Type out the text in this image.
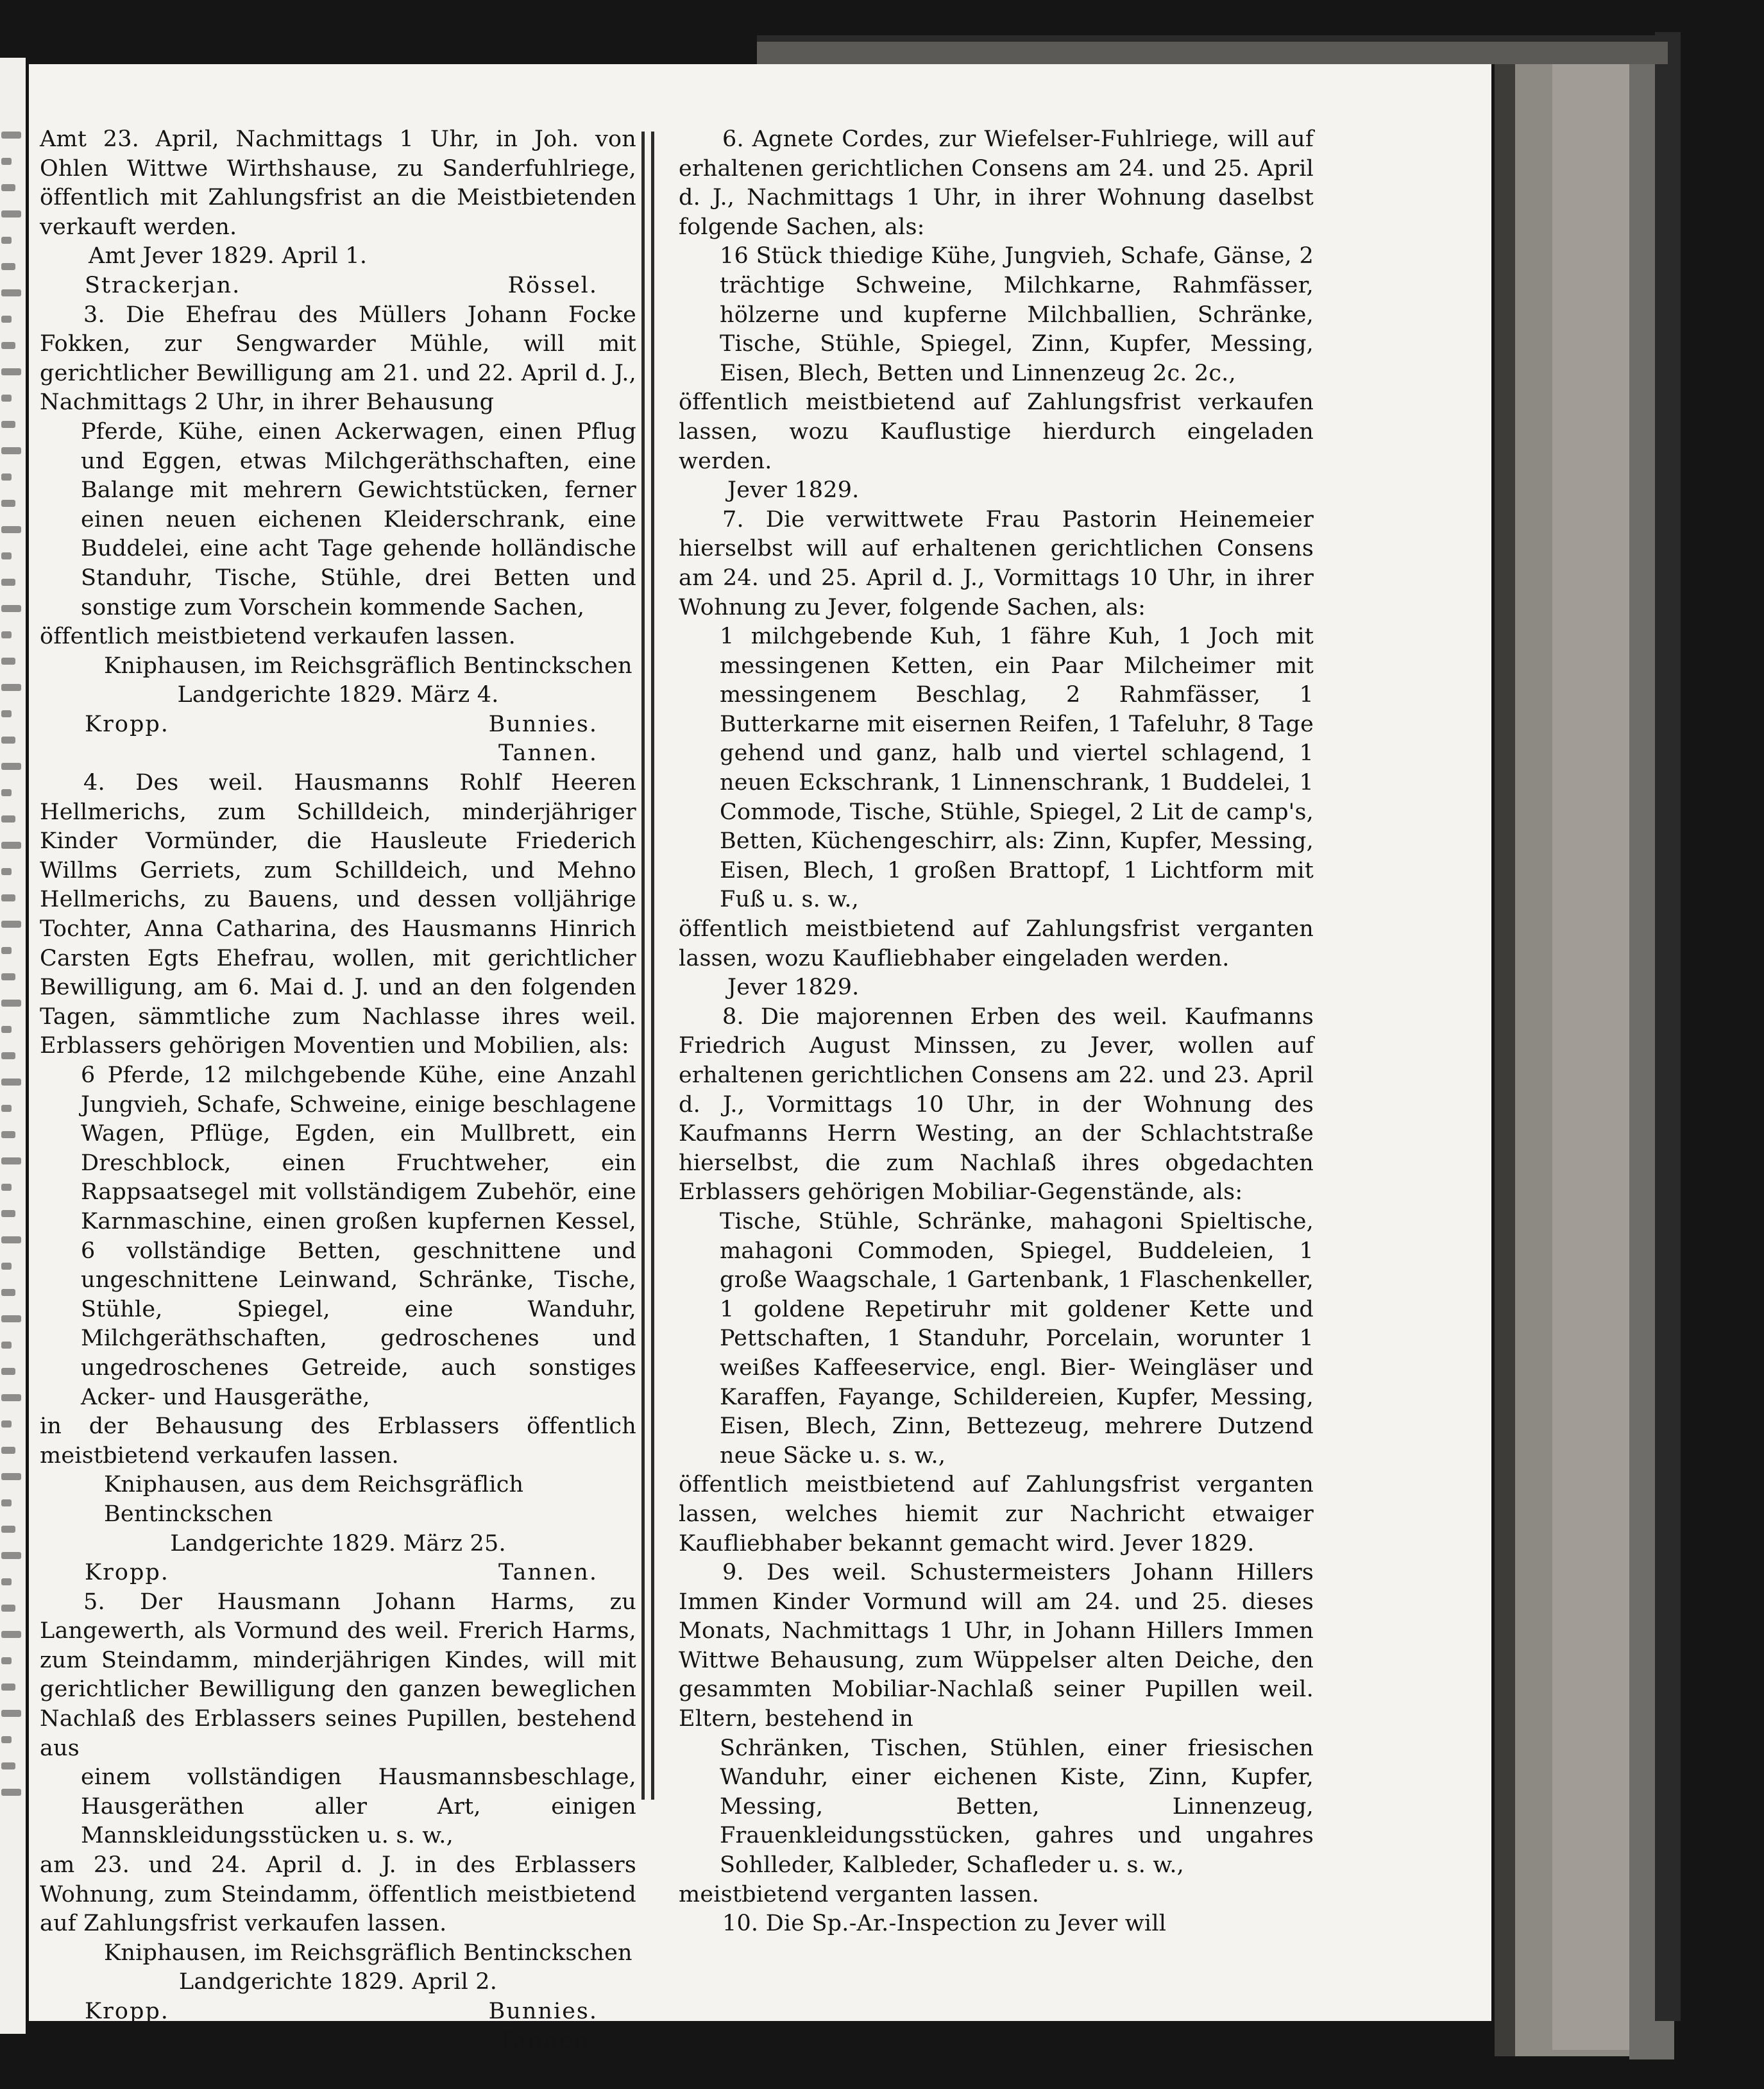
Amt 23. April, Nachmittags 1 Uhr, in Joh. von Ohlen Wittwe Wirthshause, zu Sanderfuhlriege, öffentlich mit Zahlungsfrist an die Meistbietenden verkauft werden.

Amt Jever 1829. April 1.

Strackerjan.	Rössel.

3. Die Ehefrau des Müllers Johann Focke Fokken, zur Sengwarder Mühle, will mit gerichtlicher Bewilligung am 21. und 22. April d. J., Nachmittags 2 Uhr, in ihrer Behausung

Pferde, Kühe, einen Ackerwagen, einen Pflug und Eggen, etwas Milchgeräthschaften, eine Balange mit mehrern Gewichtstücken, ferner einen neuen eichenen Kleiderschrank, eine Buddelei, eine acht Tage gehende holländische Standuhr, Tische, Stühle, drei Betten und sonstige zum Vorschein kommende Sachen,

öffentlich meistbietend verkaufen lassen.

Kniphausen, im Reichsgräflich Bentinckschen

Landgerichte 1829. März 4.

Kropp.	Bunnies.

Tannen.

4. Des weil. Hausmanns Rohlf Heeren Hellmerichs, zum Schilldeich, minderjähriger Kinder Vormünder, die Hausleute Friederich Willms Gerriets, zum Schilldeich, und Mehno Hellmerichs, zu Bauens, und dessen volljährige Tochter, Anna Catharina, des Hausmanns Hinrich Carsten Egts Ehefrau, wollen, mit gerichtlicher Bewilligung, am 6. Mai d. J. und an den folgenden Tagen, sämmtliche zum Nachlasse ihres weil. Erblassers gehörigen Moventien und Mobilien, als:

6 Pferde, 12 milchgebende Kühe, eine Anzahl Jungvieh, Schafe, Schweine, einige beschlagene Wagen, Pflüge, Egden, ein Mullbrett, ein Dreschblock, einen Fruchtweher, ein Rappsaatsegel mit vollständigem Zubehör, eine Karnmaschine, einen großen kupfernen Kessel, 6 vollständige Betten, geschnittene und ungeschnittene Leinwand, Schränke, Tische, Stühle, Spiegel, eine Wanduhr, Milchgeräthschaften, gedroschenes und ungedroschenes Getreide, auch sonstiges Acker- und Hausgeräthe,

in der Behausung des Erblassers öffentlich meistbietend verkaufen lassen.

Kniphausen, aus dem Reichsgräflich Bentinckschen

Landgerichte 1829. März 25.

Kropp.	Tannen.

5. Der Hausmann Johann Harms, zu Langewerth, als Vormund des weil. Frerich Harms, zum Steindamm, minderjährigen Kindes, will mit gerichtlicher Bewilligung den ganzen beweglichen Nachlaß des Erblassers seines Pupillen, bestehend aus

einem vollständigen Hausmannsbeschlage, Hausgeräthen aller Art, einigen Mannskleidungsstücken u. s. w.,

am 23. und 24. April d. J. in des Erblassers Wohnung, zum Steindamm, öffentlich meistbietend auf Zahlungsfrist verkaufen lassen.

Kniphausen, im Reichsgräflich Bentinckschen

Landgerichte 1829. April 2.

Kropp.	Bunnies.

Tannen.

6. Agnete Cordes, zur Wiefelser-Fuhlriege, will auf erhaltenen gerichtlichen Consens am 24. und 25. April d. J., Nachmittags 1 Uhr, in ihrer Wohnung daselbst folgende Sachen, als:

16 Stück thiedige Kühe, Jungvieh, Schafe, Gänse, 2 trächtige Schweine, Milchkarne, Rahmfässer, hölzerne und kupferne Milchballien, Schränke, Tische, Stühle, Spiegel, Zinn, Kupfer, Messing, Eisen, Blech, Betten und Linnenzeug 2c. 2c.,

öffentlich meistbietend auf Zahlungsfrist verkaufen lassen, wozu Kauflustige hierdurch eingeladen werden.

Jever 1829.

7. Die verwittwete Frau Pastorin Heinemeier hierselbst will auf erhaltenen gerichtlichen Consens am 24. und 25. April d. J., Vormittags 10 Uhr, in ihrer Wohnung zu Jever, folgende Sachen, als:

1 milchgebende Kuh, 1 fähre Kuh, 1 Joch mit messingenen Ketten, ein Paar Milcheimer mit messingenem Beschlag, 2 Rahmfässer, 1 Butterkarne mit eisernen Reifen, 1 Tafeluhr, 8 Tage gehend und ganz, halb und viertel schlagend, 1 neuen Eckschrank, 1 Linnenschrank, 1 Buddelei, 1 Commode, Tische, Stühle, Spiegel, 2 Lit de camp's, Betten, Küchengeschirr, als: Zinn, Kupfer, Messing, Eisen, Blech, 1 großen Brattopf, 1 Lichtform mit Fuß u. s. w.,

öffentlich meistbietend auf Zahlungsfrist verganten lassen, wozu Kaufliebhaber eingeladen werden.

Jever 1829.

8. Die majorennen Erben des weil. Kaufmanns Friedrich August Minssen, zu Jever, wollen auf erhaltenen gerichtlichen Consens am 22. und 23. April d. J., Vormittags 10 Uhr, in der Wohnung des Kaufmanns Herrn Westing, an der Schlachtstraße hierselbst, die zum Nachlaß ihres obgedachten Erblassers gehörigen Mobiliar-Gegenstände, als:

Tische, Stühle, Schränke, mahagoni Spieltische, mahagoni Commoden, Spiegel, Buddeleien, 1 große Waagschale, 1 Gartenbank, 1 Flaschenkeller, 1 goldene Repetiruhr mit goldener Kette und Pettschaften, 1 Standuhr, Porcelain, worunter 1 weißes Kaffeeservice, engl. Bier- Weingläser und Karaffen, Fayange, Schildereien, Kupfer, Messing, Eisen, Blech, Zinn, Bettezeug, mehrere Dutzend neue Säcke u. s. w.,

öffentlich meistbietend auf Zahlungsfrist verganten lassen, welches hiemit zur Nachricht etwaiger Kaufliebhaber bekannt gemacht wird. Jever 1829.

9. Des weil. Schustermeisters Johann Hillers Immen Kinder Vormund will am 24. und 25. dieses Monats, Nachmittags 1 Uhr, in Johann Hillers Immen Wittwe Behausung, zum Wüppelser alten Deiche, den gesammten Mobiliar-Nachlaß seiner Pupillen weil. Eltern, bestehend in

Schränken, Tischen, Stühlen, einer friesischen Wanduhr, einer eichenen Kiste, Zinn, Kupfer, Messing, Betten, Linnenzeug, Frauenkleidungsstücken, gahres und ungahres Sohlleder, Kalbleder, Schafleder u. s. w.,

meistbietend verganten lassen.

10. Die Sp.-Ar.-Inspection zu Jever will
